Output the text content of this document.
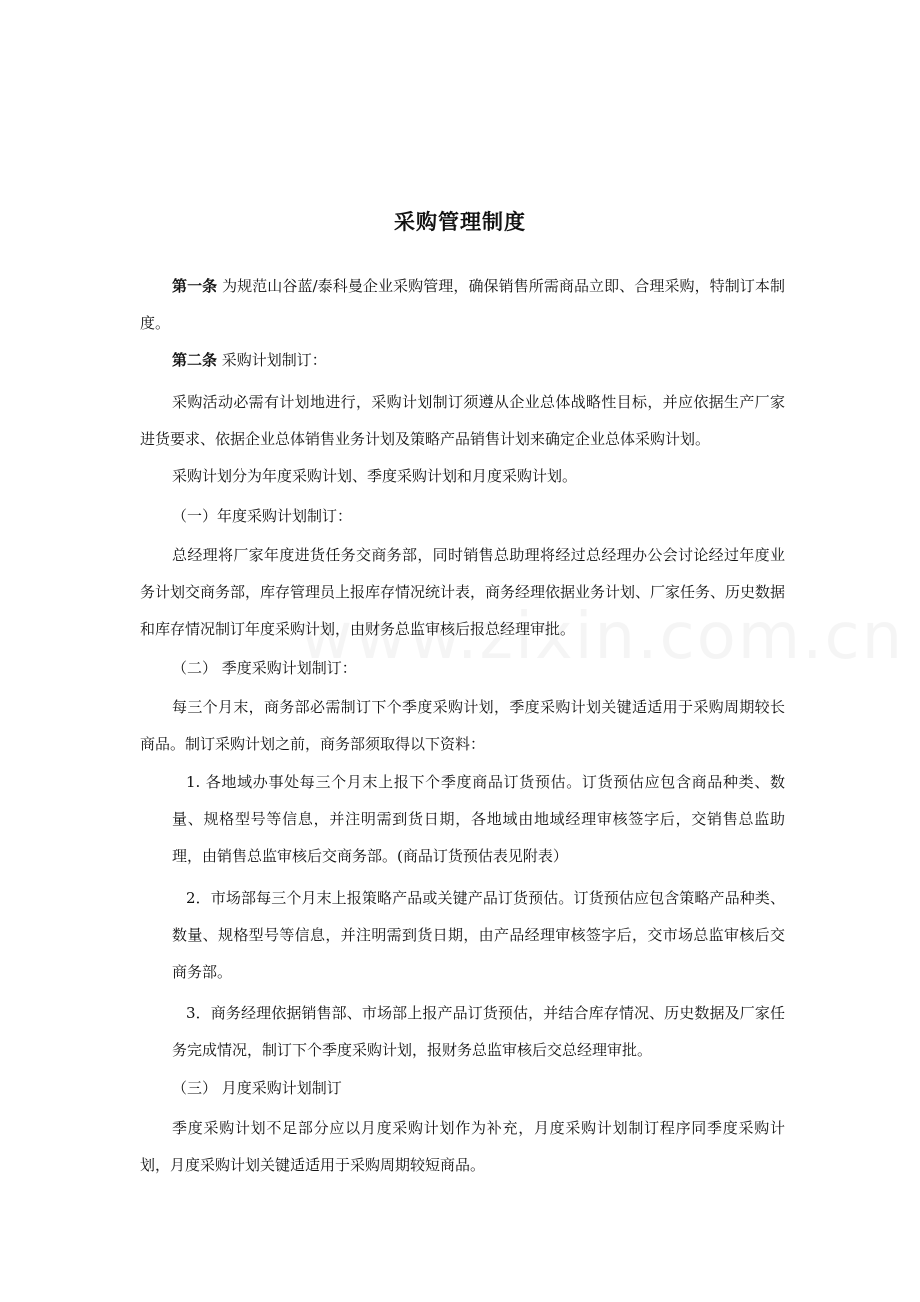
采购管理制度
第一条 为规范山谷蓝/泰科曼企业采购管理，确保销售所需商品立即、合理采购，特制订本制度。
第二条 采购计划制订：
采购活动必需有计划地进行，采购计划制订须遵从企业总体战略性目标，并应依据生产厂家进货要求、依据企业总体销售业务计划及策略产品销售计划来确定企业总体采购计划。
采购计划分为年度采购计划、季度采购计划和月度采购计划。
（一）年度采购计划制订：
总经理将厂家年度进货任务交商务部，同时销售总助理将经过总经理办公会讨论经过年度业务计划交商务部，库存管理员上报库存情况统计表，商务经理依据业务计划、厂家任务、历史数据和库存情况制订年度采购计划，由财务总监审核后报总经理审批。
（二） 季度采购计划制订：
每三个月末，商务部必需制订下个季度采购计划，季度采购计划关键适适用于采购周期较长商品。制订采购计划之前，商务部须取得以下资料：
1. 各地域办事处每三个月末上报下个季度商品订货预估。订货预估应包含商品种类、数量、规格型号等信息，并注明需到货日期，各地域由地域经理审核签字后，交销售总监助理，由销售总监审核后交商务部。(商品订货预估表见附表）
2．市场部每三个月末上报策略产品或关键产品订货预估。订货预估应包含策略产品种类、数量、规格型号等信息，并注明需到货日期，由产品经理审核签字后，交市场总监审核后交商务部。
3．商务经理依据销售部、市场部上报产品订货预估，并结合库存情况、历史数据及厂家任务完成情况，制订下个季度采购计划，报财务总监审核后交总经理审批。
（三） 月度采购计划制订
季度采购计划不足部分应以月度采购计划作为补充，月度采购计划制订程序同季度采购计划，月度采购计划关键适适用于采购周期较短商品。
